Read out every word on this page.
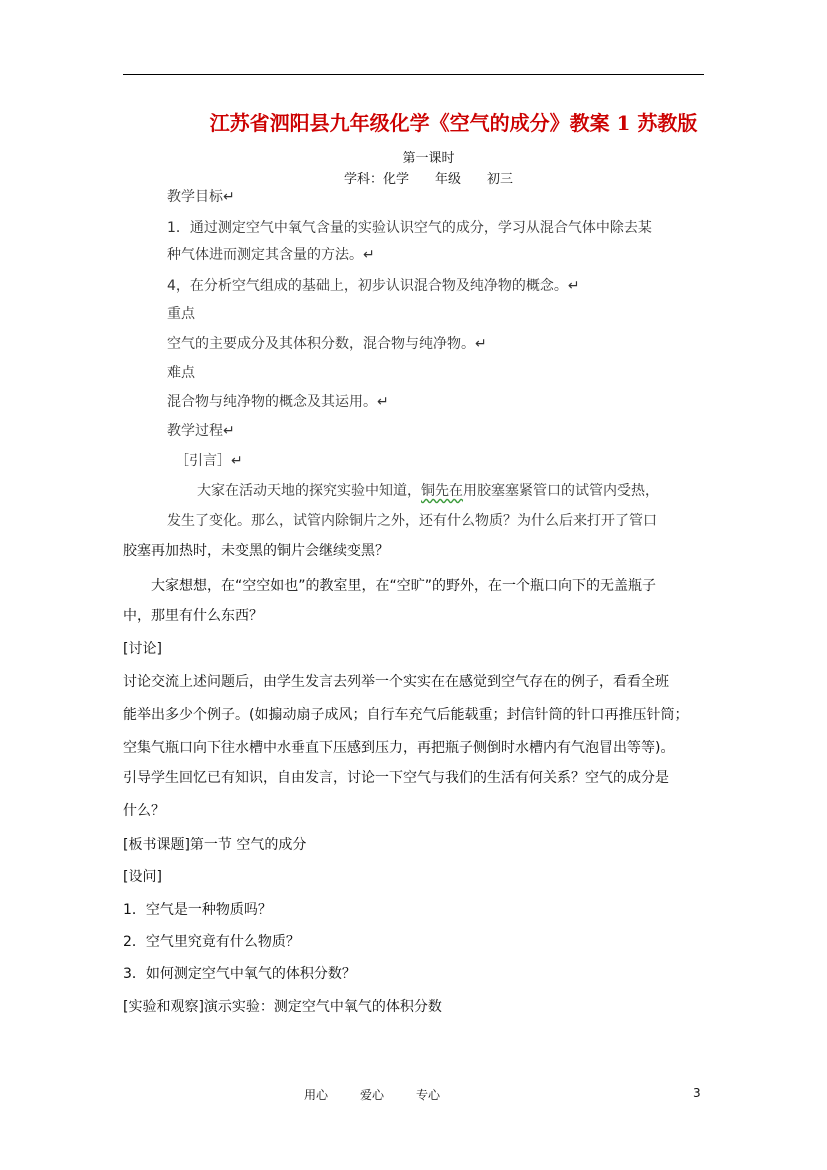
江苏省泗阳县九年级化学《空气的成分》教案 1 苏教版
第一课时
学科：化学 年级 初三
教学目标↵
1．通过测定空气中氧气含量的实验认识空气的成分，学习从混合气体中除去某
种气体进而测定其含量的方法。↵
4，在分析空气组成的基础上，初步认识混合物及纯净物的概念。↵
重点
空气的主要成分及其体积分数，混合物与纯净物。↵
难点
混合物与纯净物的概念及其运用。↵
教学过程↵
［引言］↵
大家在活动天地的探究实验中知道，铜先在用胶塞塞紧管口的试管内受热，
发生了变化。那么，试管内除铜片之外，还有什么物质？为什么后来打开了管口
胶塞再加热时，未变黑的铜片会继续变黑？
大家想想，在“空空如也”的教室里，在“空旷”的野外，在一个瓶口向下的无盖瓶子
中，那里有什么东西？
[讨论]
讨论交流上述问题后，由学生发言去列举一个实实在在感觉到空气存在的例子，看看全班
能举出多少个例子。(如搧动扇子成风；自行车充气后能载重；封信针筒的针口再推压针筒；
空集气瓶口向下往水槽中水垂直下压感到压力，再把瓶子侧倒时水槽内有气泡冒出等等)。
引导学生回忆已有知识，自由发言，讨论一下空气与我们的生活有何关系？空气的成分是
什么？
[板书课题]第一节 空气的成分
[设问]
1．空气是一种物质吗？
2．空气里究竟有什么物质？
3．如何测定空气中氧气的体积分数？
[实验和观察]演示实验：测定空气中氧气的体积分数
用心	爱心	专心	3
